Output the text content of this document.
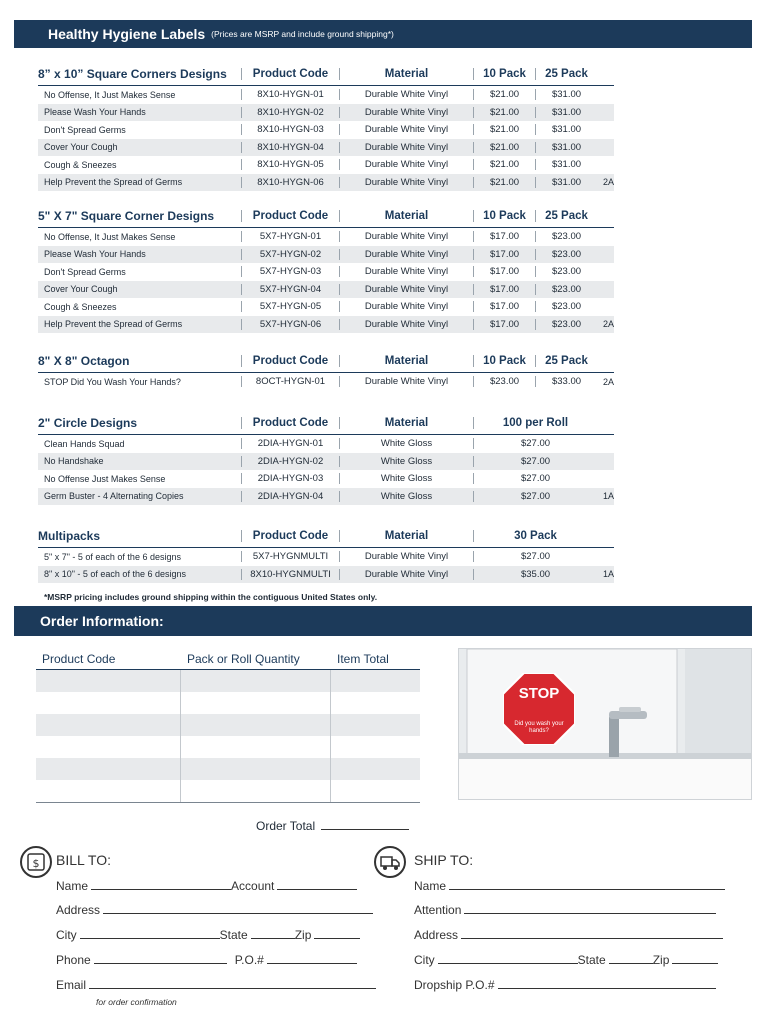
Healthy Hygiene Labels (Prices are MSRP and include ground shipping*)
8” x 10” Square Corners Designs	Product Code	Material	10 Pack	25 Pack
No Offense, It Just Makes Sense	8X10-HYGN-01	Durable White Vinyl	$21.00	$31.00
Please Wash Your Hands	8X10-HYGN-02	Durable White Vinyl	$21.00	$31.00
Don't Spread Germs	8X10-HYGN-03	Durable White Vinyl	$21.00	$31.00
Cover Your Cough	8X10-HYGN-04	Durable White Vinyl	$21.00	$31.00
Cough & Sneezes	8X10-HYGN-05	Durable White Vinyl	$21.00	$31.00
Help Prevent the Spread of Germs	8X10-HYGN-06	Durable White Vinyl	$21.00	$31.00	2A
5" X 7" Square Corner Designs	Product Code	Material	10 Pack	25 Pack
No Offense, It Just Makes Sense	5X7-HYGN-01	Durable White Vinyl	$17.00	$23.00
Please Wash Your Hands	5X7-HYGN-02	Durable White Vinyl	$17.00	$23.00
Don't Spread Germs	5X7-HYGN-03	Durable White Vinyl	$17.00	$23.00
Cover Your Cough	5X7-HYGN-04	Durable White Vinyl	$17.00	$23.00
Cough & Sneezes	5X7-HYGN-05	Durable White Vinyl	$17.00	$23.00
Help Prevent the Spread of Germs	5X7-HYGN-06	Durable White Vinyl	$17.00	$23.00	2A
8" X 8" Octagon	Product Code	Material	10 Pack	25 Pack
STOP Did You Wash Your Hands?	8OCT-HYGN-01	Durable White Vinyl	$23.00	$33.00	2A
2" Circle Designs	Product Code	Material	100 per Roll
Clean Hands Squad	2DIA-HYGN-01	White Gloss	$27.00
No Handshake	2DIA-HYGN-02	White Gloss	$27.00
No Offense Just Makes Sense	2DIA-HYGN-03	White Gloss	$27.00
Germ Buster - 4 Alternating Copies	2DIA-HYGN-04	White Gloss	$27.00	1A
Multipacks	Product Code	Material	30 Pack
5" x 7" - 5 of each of the 6 designs	5X7-HYGNMULTI	Durable White Vinyl	$27.00
8" x 10" - 5 of each of the 6 designs	8X10-HYGNMULTI	Durable White Vinyl	$35.00	1A
*MSRP pricing includes ground shipping within the contiguous United States only.
Order Information:
Product Code	Pack or Roll Quantity	Item Total
STOP
Did you wash your hands?
Order Total
$ BILL TO:
Name	Account
Address
City	State	Zip
Phone	P.O.#
Email
for order confirmation
SHIP TO:
Name
Attention
Address
City	State	Zip
Dropship P.O.#
